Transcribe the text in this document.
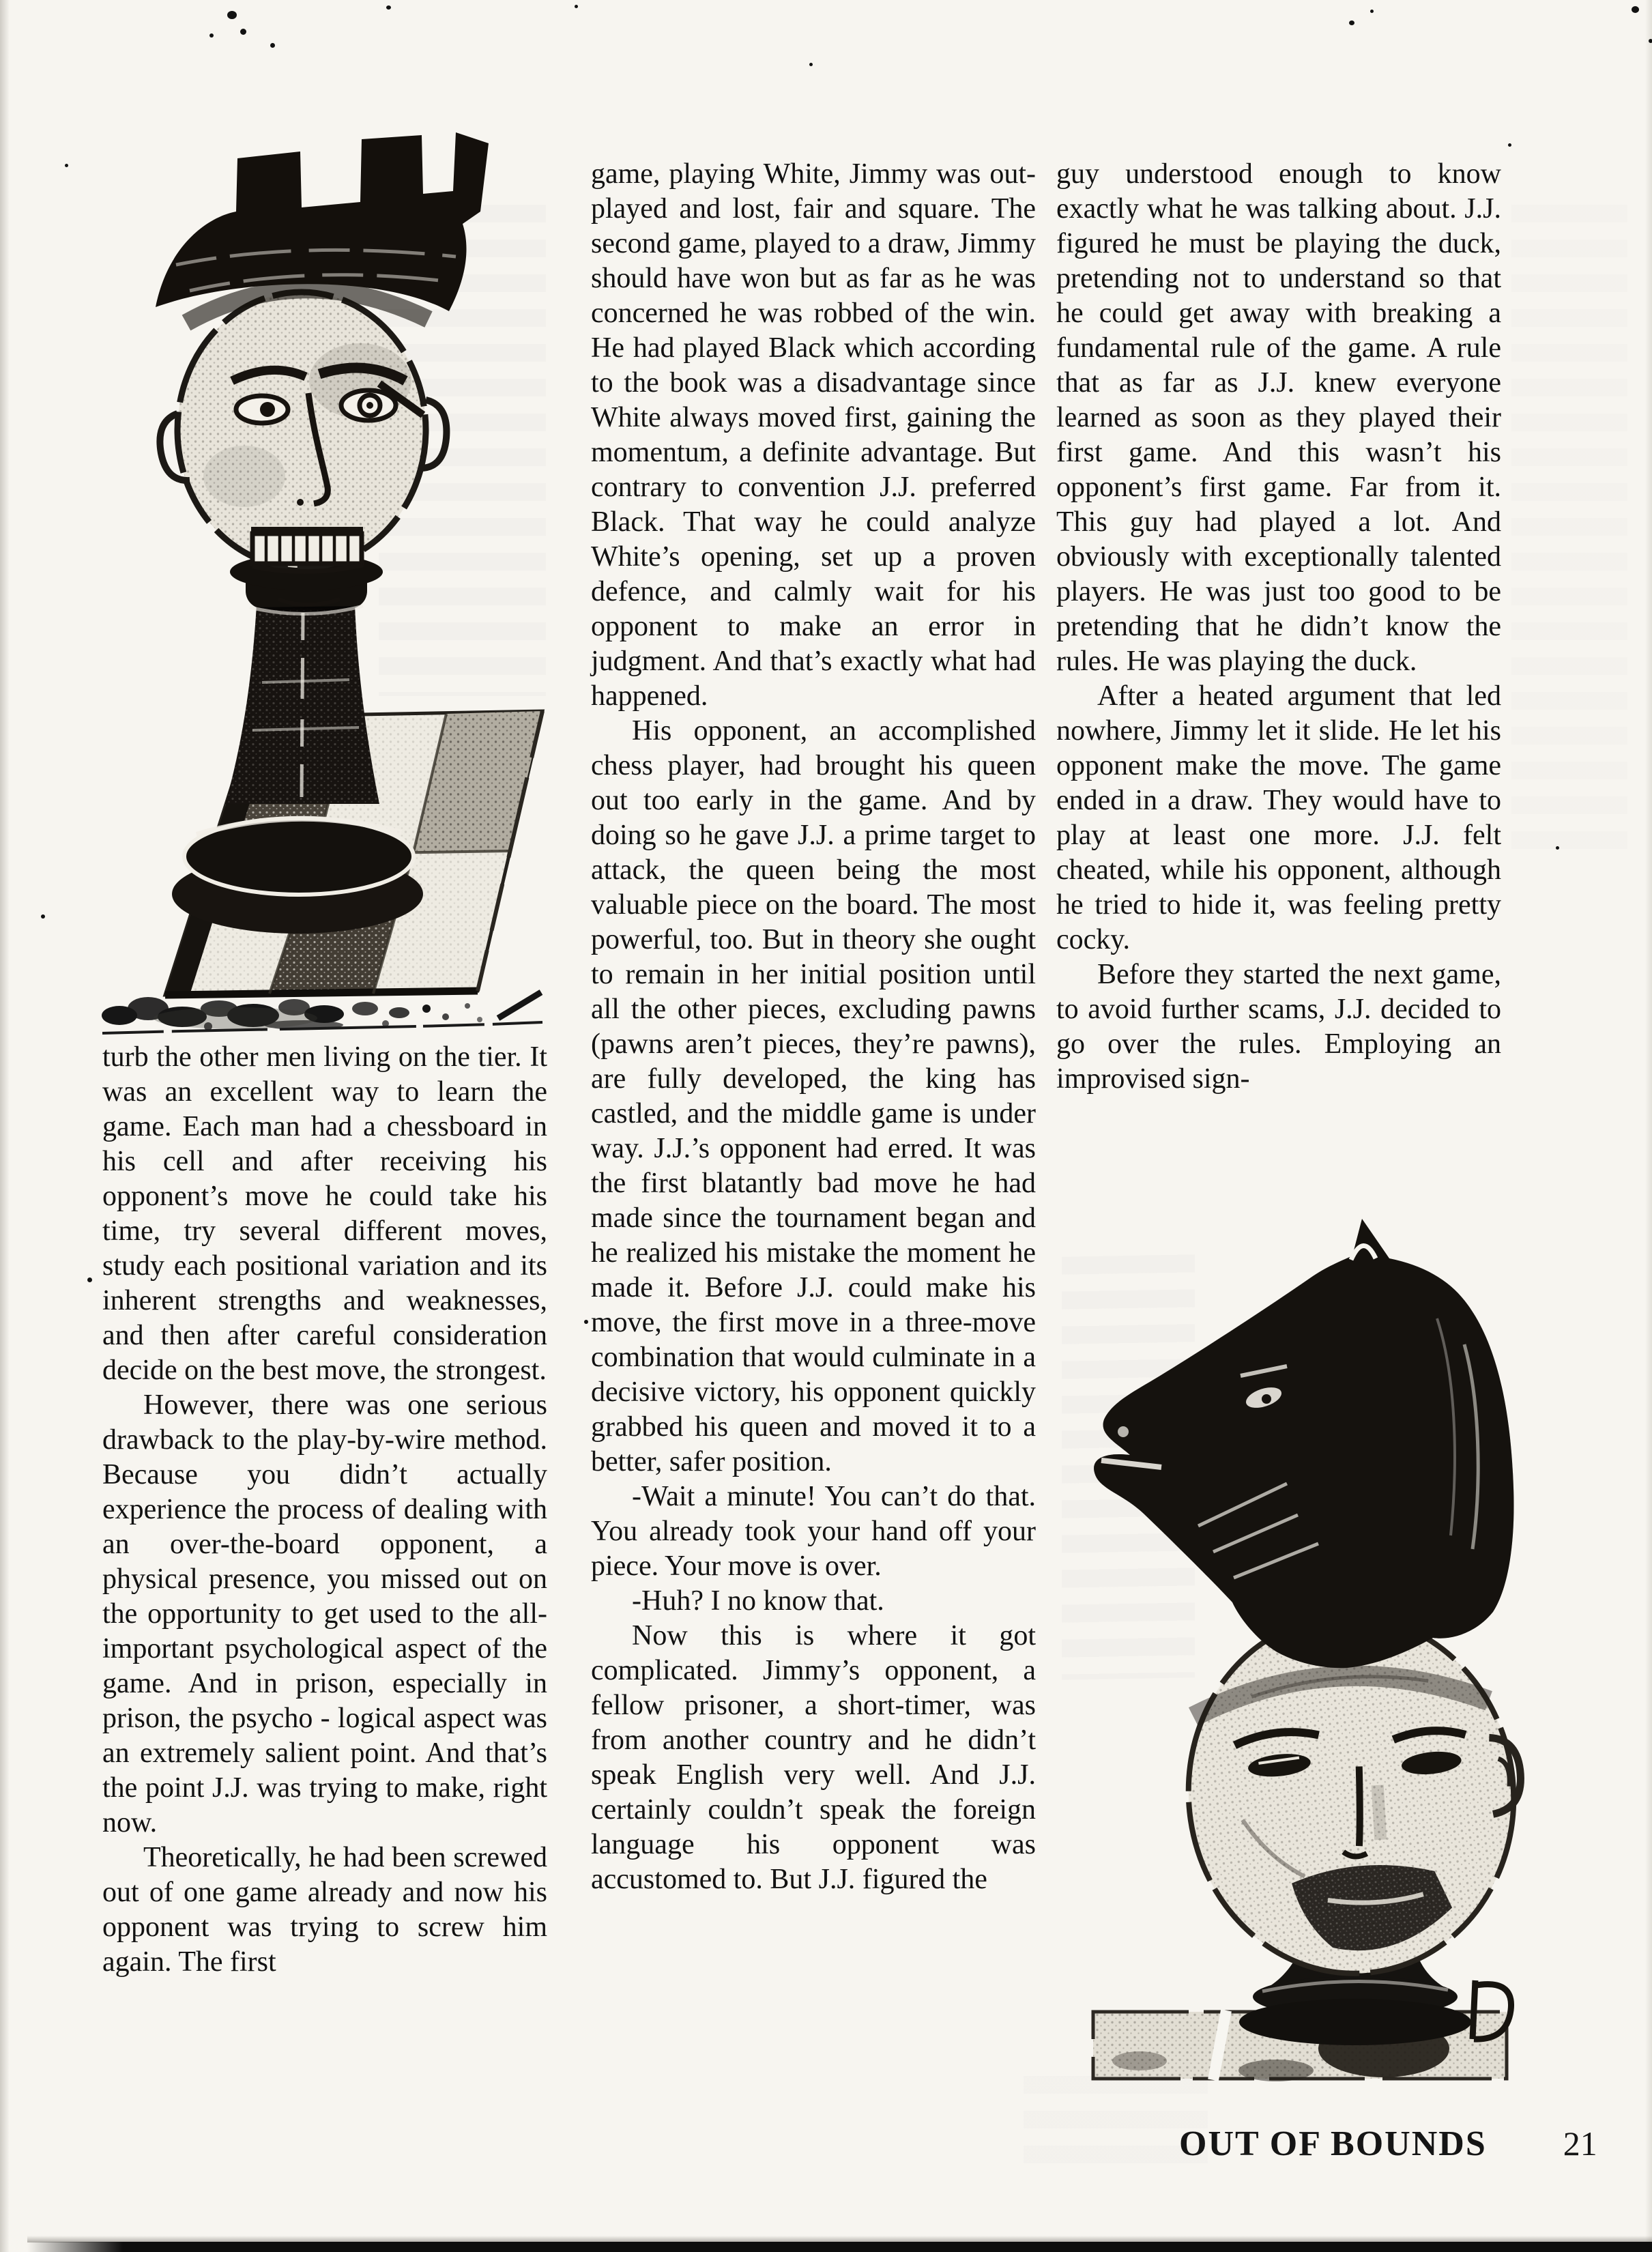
turb the other men living on the tier. It was an excellent way to learn the game. Each man had a chessboard in his cell and after receiving his opponent’s move he could take his time, try several different moves, study each positional variation and its inherent strengths and weaknesses, and then after careful consideration decide on the best move, the strongest.

However, there was one serious drawback to the play-by-wire method. Because you didn’t actually experience the process of dealing with an over-the-board opponent, a physical presence, you missed out on the opportunity to get used to the all-important psychological aspect of the game. And in prison, especially in prison, the psycho - logical aspect was an extremely salient point. And that’s the point J.J. was trying to make, right now.

Theoretically, he had been screwed out of one game already and now his opponent was trying to screw him again. The first

game, playing White, Jimmy was out-played and lost, fair and square. The second game, played to a draw, Jimmy should have won but as far as he was concerned he was robbed of the win. He had played Black which according to the book was a disadvantage since White always moved first, gaining the momentum, a definite advantage. But contrary to convention J.J. preferred Black. That way he could analyze White’s opening, set up a proven defence, and calmly wait for his opponent to make an error in judgment. And that’s exactly what had happened.

His opponent, an accomplished chess player, had brought his queen out too early in the game. And by doing so he gave J.J. a prime target to attack, the queen being the most valuable piece on the board. The most powerful, too. But in theory she ought to remain in her initial position until all the other pieces, excluding pawns (pawns aren’t pieces, they’re pawns), are fully developed, the king has castled, and the middle game is under way. J.J.’s opponent had erred. It was the first blatantly bad move he had made since the tournament began and he realized his mistake the moment he made it. Before J.J. could make his move, the first move in a three-move combination that would culminate in a decisive victory, his opponent quickly grabbed his queen and moved it to a better, safer position.

-Wait a minute! You can’t do that. You already took your hand off your piece. Your move is over.

-Huh? I no know that.

Now this is where it got complicated. Jimmy’s opponent, a fellow prisoner, a short-timer, was from another country and he didn’t speak English very well. And J.J. certainly couldn’t speak the foreign language his opponent was accustomed to. But J.J. figured the

guy understood enough to know exactly what he was talking about. J.J. figured he must be playing the duck, pretending not to understand so that he could get away with breaking a fundamental rule of the game. A rule that as far as J.J. knew everyone learned as soon as they played their first game. And this wasn’t his opponent’s first game. Far from it. This guy had played a lot. And obviously with exceptionally talented players. He was just too good to be pretending that he didn’t know the rules. He was playing the duck.

After a heated argument that led nowhere, Jimmy let it slide. He let his opponent make the move. The game ended in a draw. They would have to play at least one more. J.J. felt cheated, while his opponent, although he tried to hide it, was feeling pretty cocky.

Before they started the next game, to avoid further scams, J.J. decided to go over the rules. Employing an improvised sign-

OUT OF BOUNDS 21
